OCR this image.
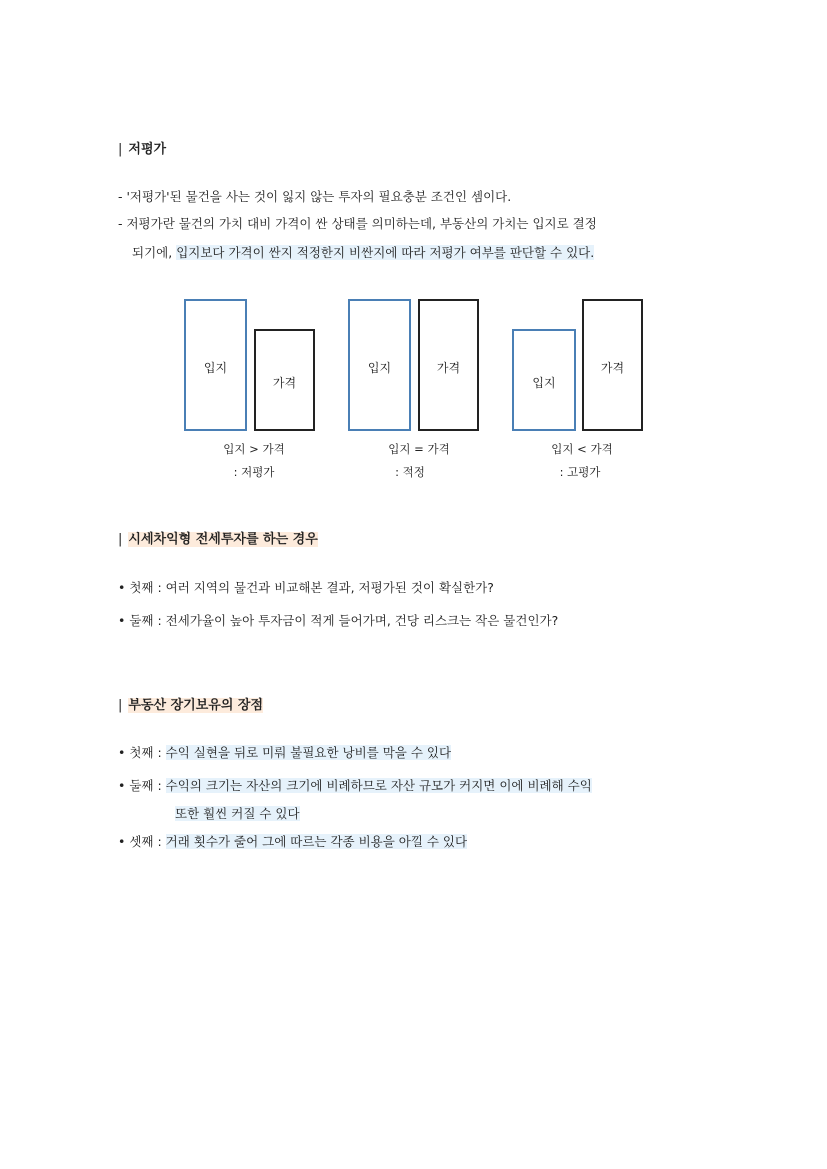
| 저평가
- '저평가'된 물건을 사는 것이 잃지 않는 투자의 필요충분 조건인 셈이다.
- 저평가란 물건의 가치 대비 가격이 싼 상태를 의미하는데, 부동산의 가치는 입지로 결정
되기에, 입지보다 가격이 싼지 적정한지 비싼지에 따라 저평가 여부를 판단할 수 있다.
입지
가격
입지 > 가격
: 저평가
입지	가격
입지 = 가격
: 적정
입지
가격
입지 < 가격
: 고평가
| 시세차익형 전세투자를 하는 경우
• 첫째 : 여러 지역의 물건과 비교해본 결과, 저평가된 것이 확실한가?
• 둘째 : 전세가율이 높아 투자금이 적게 들어가며, 건당 리스크는 작은 물건인가?
| 부동산 장기보유의 장점
• 첫째 : 수익 실현을 뒤로 미뤄 불필요한 낭비를 막을 수 있다
• 둘째 : 수익의 크기는 자산의 크기에 비례하므로 자산 규모가 커지면 이에 비례해 수익
또한 훨씬 커질 수 있다
• 셋째 : 거래 횟수가 줄어 그에 따르는 각종 비용을 아낄 수 있다
